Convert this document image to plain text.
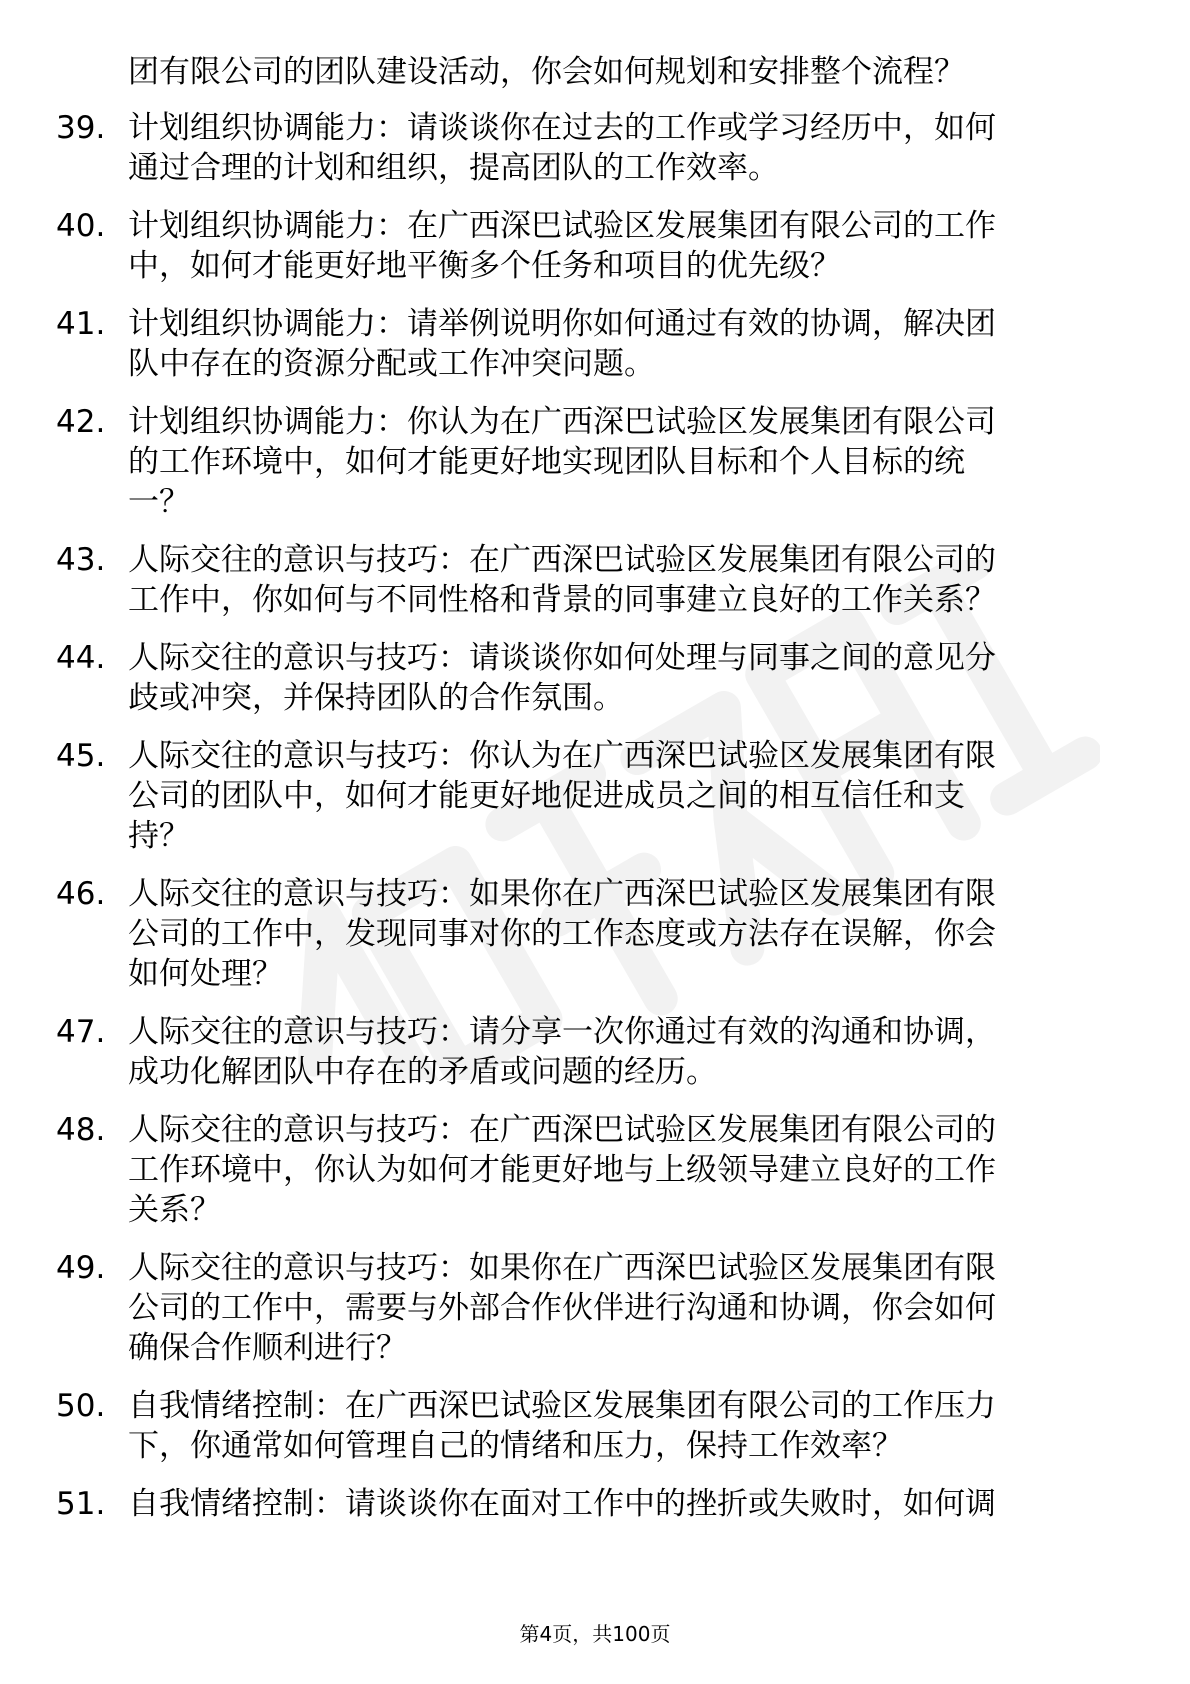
团有限公司的团队建设活动，你会如何规划和安排整个流程？
39. 计划组织协调能力：请谈谈你在过去的工作或学习经历中，如何
通过合理的计划和组织，提高团队的工作效率。
40. 计划组织协调能力：在广西深巴试验区发展集团有限公司的工作
中，如何才能更好地平衡多个任务和项目的优先级？
41. 计划组织协调能力：请举例说明你如何通过有效的协调，解决团
队中存在的资源分配或工作冲突问题。
42. 计划组织协调能力：你认为在广西深巴试验区发展集团有限公司
的工作环境中，如何才能更好地实现团队目标和个人目标的统
一？
43. 人际交往的意识与技巧：在广西深巴试验区发展集团有限公司的
工作中，你如何与不同性格和背景的同事建立良好的工作关系？
44. 人际交往的意识与技巧：请谈谈你如何处理与同事之间的意见分
歧或冲突，并保持团队的合作氛围。
45. 人际交往的意识与技巧：你认为在广西深巴试验区发展集团有限
公司的团队中，如何才能更好地促进成员之间的相互信任和支
持？
46. 人际交往的意识与技巧：如果你在广西深巴试验区发展集团有限
公司的工作中，发现同事对你的工作态度或方法存在误解，你会
如何处理？
47. 人际交往的意识与技巧：请分享一次你通过有效的沟通和协调，
成功化解团队中存在的矛盾或问题的经历。
48. 人际交往的意识与技巧：在广西深巴试验区发展集团有限公司的
工作环境中，你认为如何才能更好地与上级领导建立良好的工作
关系？
49. 人际交往的意识与技巧：如果你在广西深巴试验区发展集团有限
公司的工作中，需要与外部合作伙伴进行沟通和协调，你会如何
确保合作顺利进行？
50. 自我情绪控制：在广西深巴试验区发展集团有限公司的工作压力
下，你通常如何管理自己的情绪和压力，保持工作效率？
51. 自我情绪控制：请谈谈你在面对工作中的挫折或失败时，如何调
第4页，共100页
